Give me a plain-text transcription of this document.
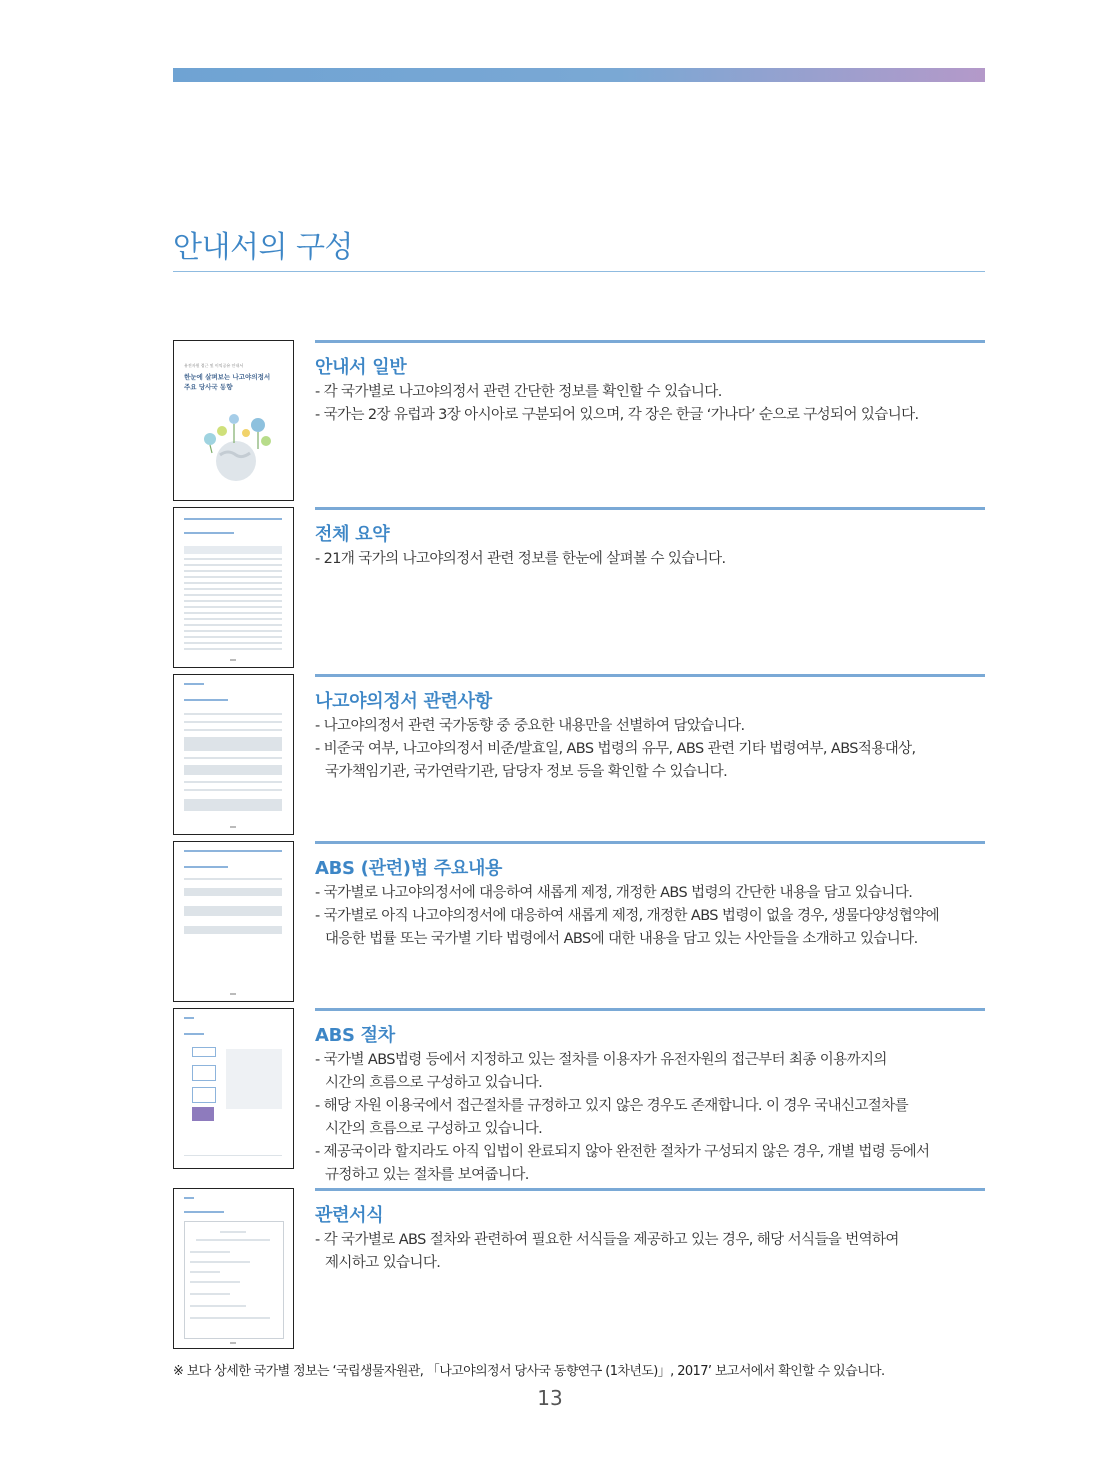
안내서의 구성
유전자원 접근 및 이익공유 안내서
한눈에 살펴보는 나고야의정서
주요 당사국 동향
안내서 일반

- 각 국가별로 나고야의정서 관련 간단한 정보를 확인할 수 있습니다.

- 국가는 2장 유럽과 3장 아시아로 구분되어 있으며, 각 장은 한글 ‘가나다’ 순으로 구성되어 있습니다.

전체 요약

- 21개 국가의 나고야의정서 관련 정보를 한눈에 살펴볼 수 있습니다.

나고야의정서 관련사항

- 나고야의정서 관련 국가동향 중 중요한 내용만을 선별하여 담았습니다.

- 비준국 여부, 나고야의정서 비준/발효일, ABS 법령의 유무, ABS 관련 기타 법령여부, ABS적용대상,

국가책임기관, 국가연락기관, 담당자 정보 등을 확인할 수 있습니다.

ABS (관련)법 주요내용

- 국가별로 나고야의정서에 대응하여 새롭게 제정, 개정한 ABS 법령의 간단한 내용을 담고 있습니다.

- 국가별로 아직 나고야의정서에 대응하여 새롭게 제정, 개정한 ABS 법령이 없을 경우, 생물다양성협약에

대응한 법률 또는 국가별 기타 법령에서 ABS에 대한 내용을 담고 있는 사안들을 소개하고 있습니다.

ABS 절차

- 국가별 ABS법령 등에서 지정하고 있는 절차를 이용자가 유전자원의 접근부터 최종 이용까지의

시간의 흐름으로 구성하고 있습니다.

- 해당 자원 이용국에서 접근절차를 규정하고 있지 않은 경우도 존재합니다. 이 경우 국내신고절차를

시간의 흐름으로 구성하고 있습니다.

- 제공국이라 할지라도 아직 입법이 완료되지 않아 완전한 절차가 구성되지 않은 경우, 개별 법령 등에서

규정하고 있는 절차를 보여줍니다.

관련서식

- 각 국가별로 ABS 절차와 관련하여 필요한 서식들을 제공하고 있는 경우, 해당 서식들을 번역하여

제시하고 있습니다.

※ 보다 상세한 국가별 정보는 ‘국립생물자원관, 「나고야의정서 당사국 동향연구 (1차년도)」, 2017’ 보고서에서 확인할 수 있습니다.

13
